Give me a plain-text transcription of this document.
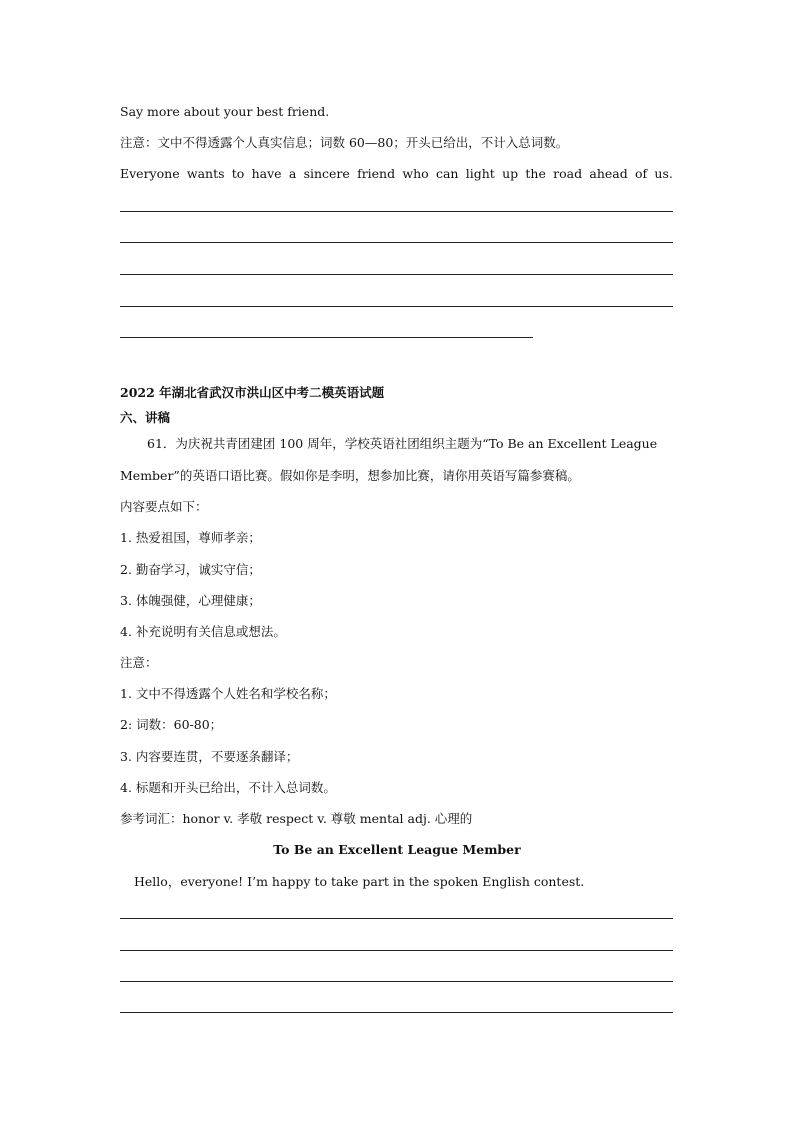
Say more about your best friend.
注意：文中不得透露个人真实信息；词数 60—80；开头已给出，不计入总词数。
Everyone wants to have a sincere friend who can light up the road ahead of us.
2022 年湖北省武汉市洪山区中考二模英语试题
六、讲稿
61．为庆祝共青团建团 100 周年，学校英语社团组织主题为“To Be an Excellent League
Member”的英语口语比赛。假如你是李明，想参加比赛，请你用英语写篇参赛稿。
内容要点如下：
1. 热爱祖国，尊师孝亲；
2. 勤奋学习，诚实守信；
3. 体魄强健，心理健康；
4. 补充说明有关信息或想法。
注意：
1. 文中不得透露个人姓名和学校名称；
2: 词数：60-80；
3. 内容要连贯，不要逐条翻译；
4. 标题和开头已给出，不计入总词数。
参考词汇：honor v. 孝敬 respect v. 尊敬 mental adj. 心理的
To Be an Excellent League Member
Hello，everyone! I’m happy to take part in the spoken English contest.
